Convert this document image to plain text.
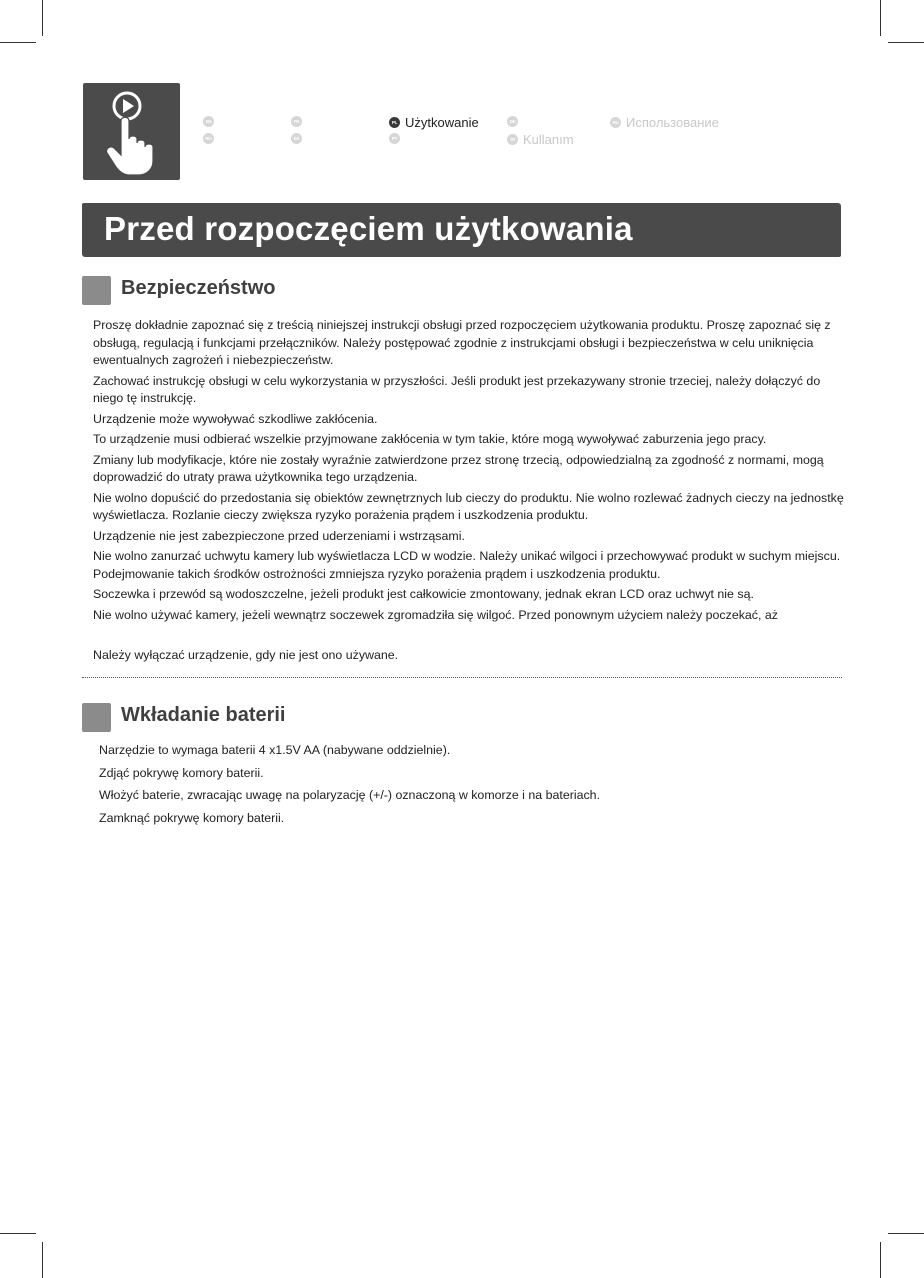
EN	FR	PL Użytkowanie	DE	RU Использование
RO	ES	PT	TR Kullanım
Przed rozpoczęciem użytkowania
Bezpieczeństwo

Proszę dokładnie zapoznać się z treścią niniejszej instrukcji obsługi przed rozpoczęciem użytkowania produktu. Proszę zapoznać się z obsługą, regulacją i funkcjami przełączników. Należy postępować zgodnie z instrukcjami obsługi i bezpieczeństwa w celu uniknięcia ewentualnych zagrożeń i niebezpieczeństw.

Zachować instrukcję obsługi w celu wykorzystania w przyszłości. Jeśli produkt jest przekazywany stronie trzeciej, należy dołączyć do niego tę instrukcję.

Urządzenie może wywoływać szkodliwe zakłócenia.

To urządzenie musi odbierać wszelkie przyjmowane zakłócenia w tym takie, które mogą wywoływać zaburzenia jego pracy.

Zmiany lub modyfikacje, które nie zostały wyraźnie zatwierdzone przez stronę trzecią, odpowiedzialną za zgodność z normami, mogą doprowadzić do utraty prawa użytkownika tego urządzenia.

Nie wolno dopuścić do przedostania się obiektów zewnętrznych lub cieczy do produktu. Nie wolno rozlewać żadnych cieczy na jednostkę wyświetlacza. Rozlanie cieczy zwiększa ryzyko porażenia prądem i uszkodzenia produktu.

Urządzenie nie jest zabezpieczone przed uderzeniami i wstrząsami.

Nie wolno zanurzać uchwytu kamery lub wyświetlacza LCD w wodzie. Należy unikać wilgoci i przechowywać produkt w suchym miejscu. Podejmowanie takich środków ostrożności zmniejsza ryzyko porażenia prądem i uszkodzenia produktu.

Soczewka i przewód są wodoszczelne, jeżeli produkt jest całkowicie zmontowany, jednak ekran LCD oraz uchwyt nie są.

Nie wolno używać kamery, jeżeli wewnątrz soczewek zgromadziła się wilgoć. Przed ponownym użyciem należy poczekać, aż

Należy wyłączać urządzenie, gdy nie jest ono używane.

Wkładanie baterii

Narzędzie to wymaga baterii 4 x1.5V AA (nabywane oddzielnie).

Zdjąć pokrywę komory baterii.

Włożyć baterie, zwracając uwagę na polaryzację (+/-) oznaczoną w komorze i na bateriach.

Zamknąć pokrywę komory baterii.
